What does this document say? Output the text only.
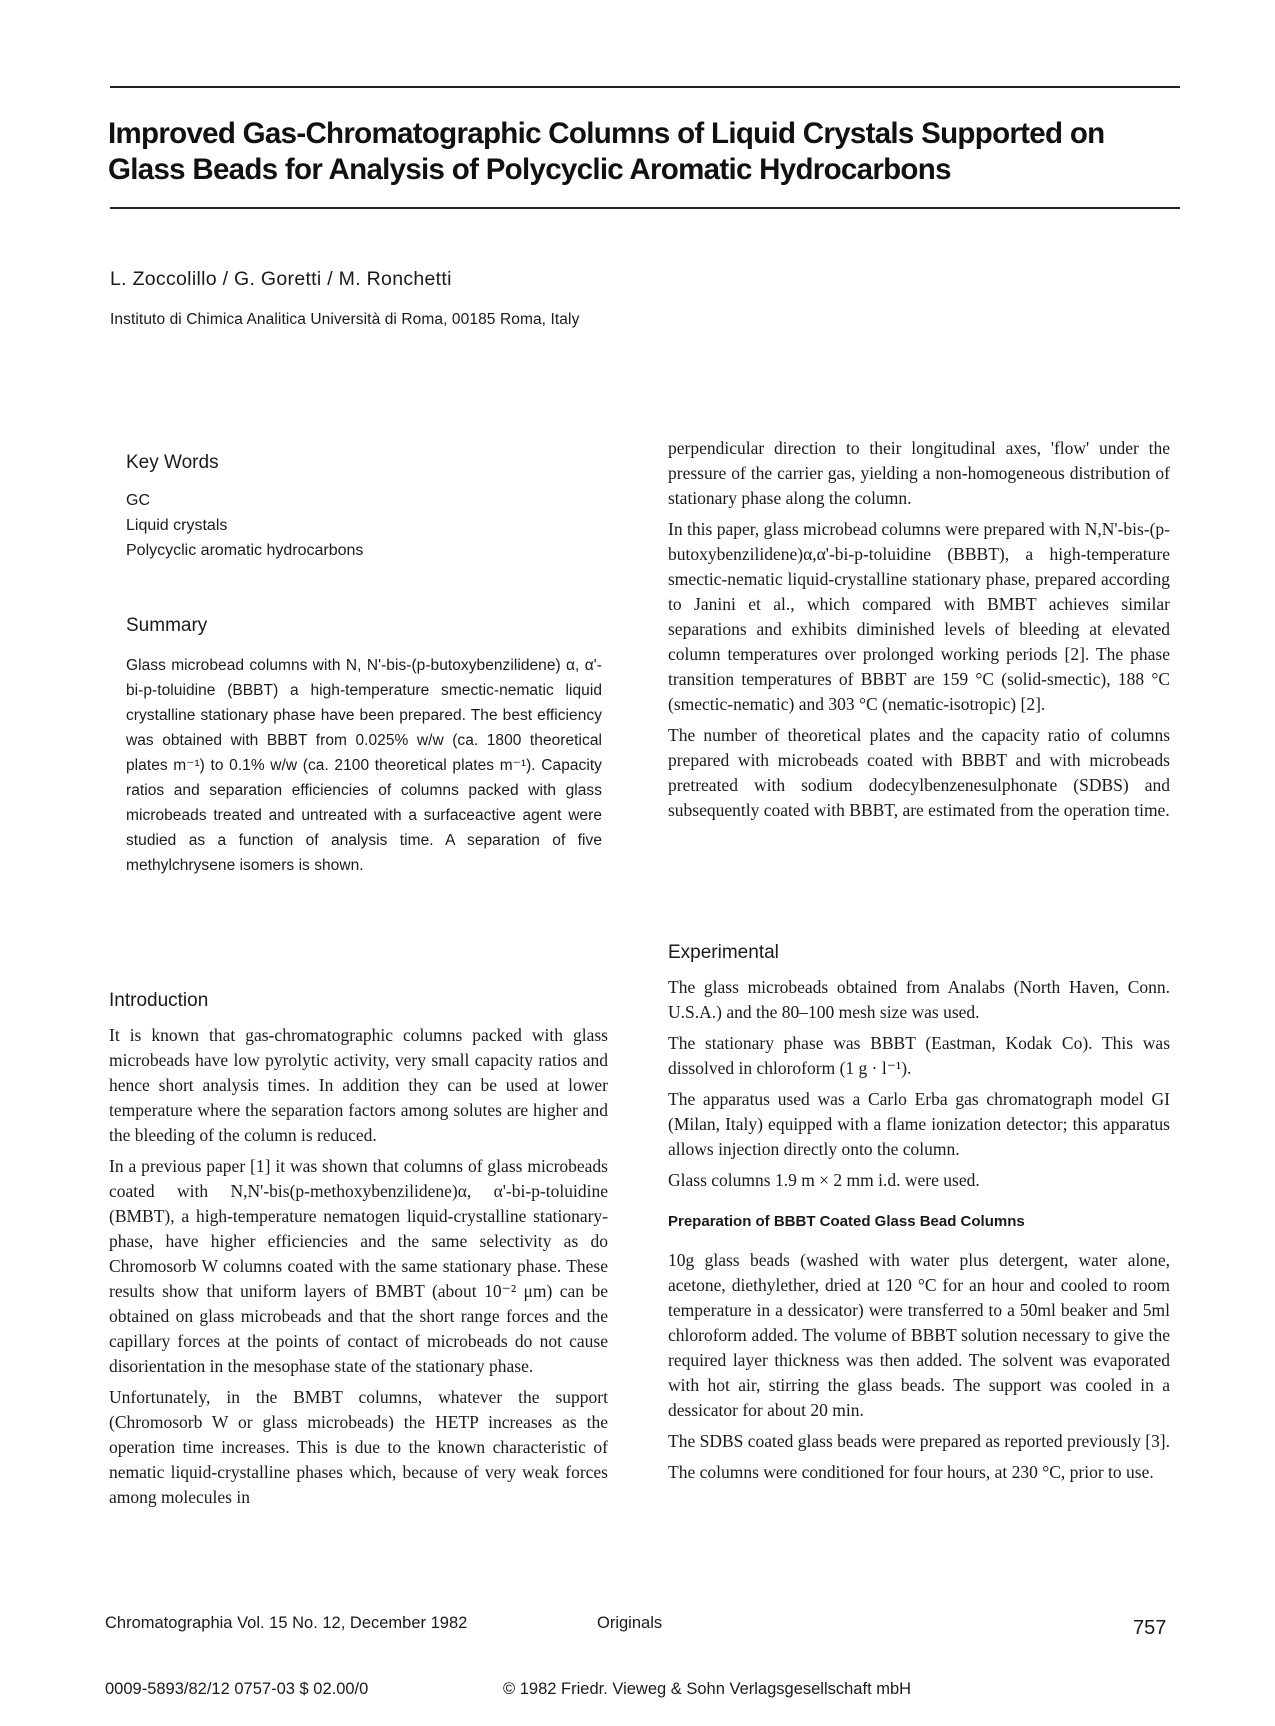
Improved Gas-Chromatographic Columns of Liquid Crystals Supported on Glass Beads for Analysis of Polycyclic Aromatic Hydrocarbons
L. Zoccolillo / G. Goretti / M. Ronchetti
Instituto di Chimica Analitica Università di Roma, 00185 Roma, Italy
Key Words

GC

Liquid crystals

Polycyclic aromatic hydrocarbons

Summary

Glass microbead columns with N, N'-bis-(p-butoxybenzilidene) α, α'-bi-p-toluidine (BBBT) a high-temperature smectic-nematic liquid crystalline stationary phase have been prepared. The best efficiency was obtained with BBBT from 0.025% w/w (ca. 1800 theoretical plates m⁻¹) to 0.1% w/w (ca. 2100 theoretical plates m⁻¹). Capacity ratios and separation efficiencies of columns packed with glass microbeads treated and untreated with a surfaceactive agent were studied as a function of analysis time. A separation of five methylchrysene isomers is shown.

Introduction

It is known that gas-chromatographic columns packed with glass microbeads have low pyrolytic activity, very small capacity ratios and hence short analysis times. In addition they can be used at lower temperature where the separation factors among solutes are higher and the bleeding of the column is reduced.

In a previous paper [1] it was shown that columns of glass microbeads coated with N,N'-bis(p-methoxybenzilidene)α, α'-bi-p-toluidine (BMBT), a high-temperature nematogen liquid-crystalline stationary-phase, have higher efficiencies and the same selectivity as do Chromosorb W columns coated with the same stationary phase. These results show that uniform layers of BMBT (about 10⁻² μm) can be obtained on glass microbeads and that the short range forces and the capillary forces at the points of contact of microbeads do not cause disorientation in the mesophase state of the stationary phase.

Unfortunately, in the BMBT columns, whatever the support (Chromosorb W or glass microbeads) the HETP increases as the operation time increases. This is due to the known characteristic of nematic liquid-crystalline phases which, because of very weak forces among molecules in

perpendicular direction to their longitudinal axes, 'flow' under the pressure of the carrier gas, yielding a non-homogeneous distribution of stationary phase along the column.

In this paper, glass microbead columns were prepared with N,N'-bis-(p-butoxybenzilidene)α,α'-bi-p-toluidine (BBBT), a high-temperature smectic-nematic liquid-crystalline stationary phase, prepared according to Janini et al., which compared with BMBT achieves similar separations and exhibits diminished levels of bleeding at elevated column temperatures over prolonged working periods [2]. The phase transition temperatures of BBBT are 159 °C (solid-smectic), 188 °C (smectic-nematic) and 303 °C (nematic-isotropic) [2].

The number of theoretical plates and the capacity ratio of columns prepared with microbeads coated with BBBT and with microbeads pretreated with sodium dodecylbenzenesulphonate (SDBS) and subsequently coated with BBBT, are estimated from the operation time.

Experimental

The glass microbeads obtained from Analabs (North Haven, Conn. U.S.A.) and the 80–100 mesh size was used.

The stationary phase was BBBT (Eastman, Kodak Co). This was dissolved in chloroform (1 g · l⁻¹).

The apparatus used was a Carlo Erba gas chromatograph model GI (Milan, Italy) equipped with a flame ionization detector; this apparatus allows injection directly onto the column.

Glass columns 1.9 m × 2 mm i.d. were used.

Preparation of BBBT Coated Glass Bead Columns

10g glass beads (washed with water plus detergent, water alone, acetone, diethylether, dried at 120 °C for an hour and cooled to room temperature in a dessicator) were transferred to a 50ml beaker and 5ml chloroform added. The volume of BBBT solution necessary to give the required layer thickness was then added. The solvent was evaporated with hot air, stirring the glass beads. The support was cooled in a dessicator for about 20 min.

The SDBS coated glass beads were prepared as reported previously [3].

The columns were conditioned for four hours, at 230 °C, prior to use.

Chromatographia Vol. 15 No. 12, December 1982	Originals	757
0009-5893/82/12 0757-03 $ 02.00/0	© 1982 Friedr. Vieweg & Sohn Verlagsgesellschaft mbH
